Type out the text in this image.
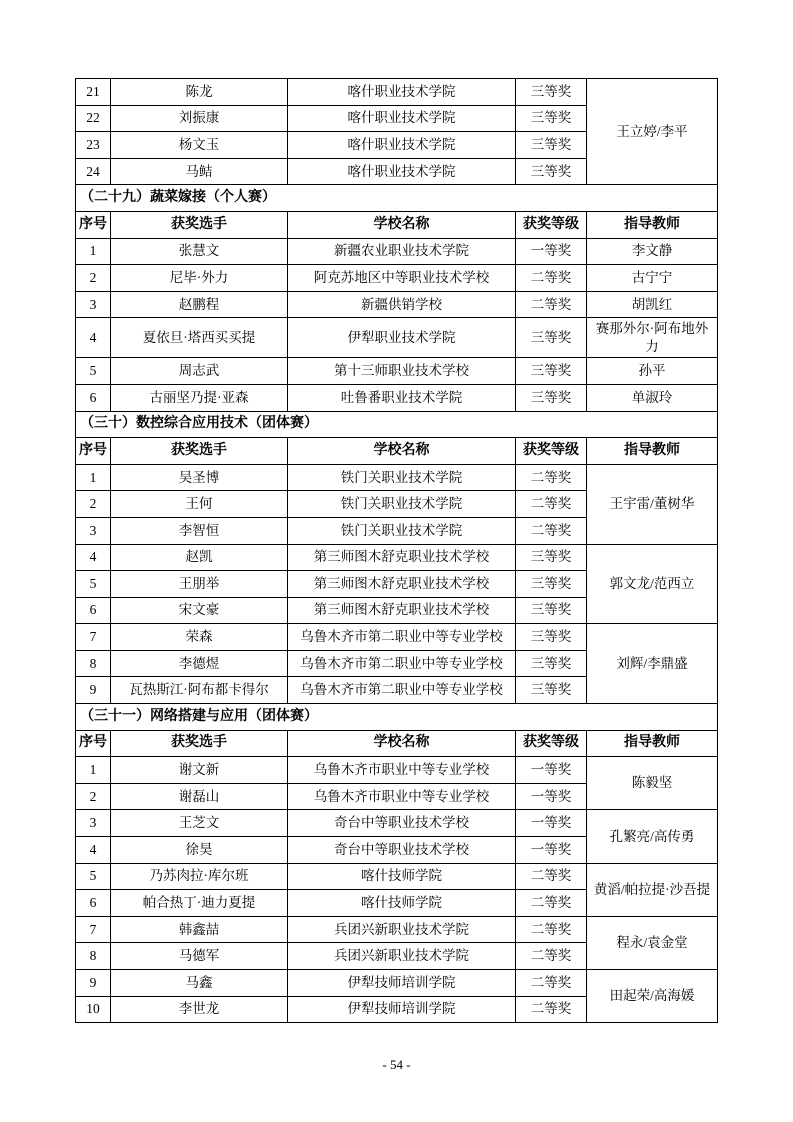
21	陈龙	喀什职业技术学院	三等奖	王立婷/李平
22	刘振康	喀什职业技术学院	三等奖	
23	杨文玉	喀什职业技术学院	三等奖	
24	马鲒	喀什职业技术学院	三等奖	
（二十九）蔬菜嫁接（个人赛）				
序号	获奖选手	学校名称	获奖等级	指导教师
1	张慧文	新疆农业职业技术学院	一等奖	李文静
2	尼毕·外力	阿克苏地区中等职业技术学校	二等奖	古宁宁
3	赵鹏程	新疆供销学校	二等奖	胡凯红
4	夏依旦·塔西买买提	伊犁职业技术学院	三等奖	赛那外尔·阿布地外力
5	周志武	第十三师职业技术学校	三等奖	孙平
6	古丽坚乃提·亚森	吐鲁番职业技术学院	三等奖	单淑玲
（三十）数控综合应用技术（团体赛）				
序号	获奖选手	学校名称	获奖等级	指导教师
1	吴圣博	铁门关职业技术学院	二等奖	王宇雷/董树华
2	王何	铁门关职业技术学院	二等奖	
3	李智恒	铁门关职业技术学院	二等奖	
4	赵凯	第三师图木舒克职业技术学校	三等奖	郭文龙/范西立
5	王朋举	第三师图木舒克职业技术学校	三等奖	
6	宋文豪	第三师图木舒克职业技术学校	三等奖	
7	荣森	乌鲁木齐市第二职业中等专业学校	三等奖	刘辉/李鼎盛
8	李德煜	乌鲁木齐市第二职业中等专业学校	三等奖	
9	瓦热斯江·阿布都卡得尔	乌鲁木齐市第二职业中等专业学校	三等奖	
（三十一）网络搭建与应用（团体赛）				
序号	获奖选手	学校名称	获奖等级	指导教师
1	谢文新	乌鲁木齐市职业中等专业学校	一等奖	陈毅坚
2	谢磊山	乌鲁木齐市职业中等专业学校	一等奖	
3	王芝文	奇台中等职业技术学校	一等奖	孔繁亮/高传勇
4	徐昊	奇台中等职业技术学校	一等奖	
5	乃苏肉拉·库尔班	喀什技师学院	二等奖	黄滔/帕拉提·沙吾提
6	帕合热丁·迪力夏提	喀什技师学院	二等奖	
7	韩鑫喆	兵团兴新职业技术学院	二等奖	程永/袁金堂
8	马德军	兵团兴新职业技术学院	二等奖	
9	马鑫	伊犁技师培训学院	二等奖	田起荣/高海媛
10	李世龙	伊犁技师培训学院	二等奖	
- 54 -
